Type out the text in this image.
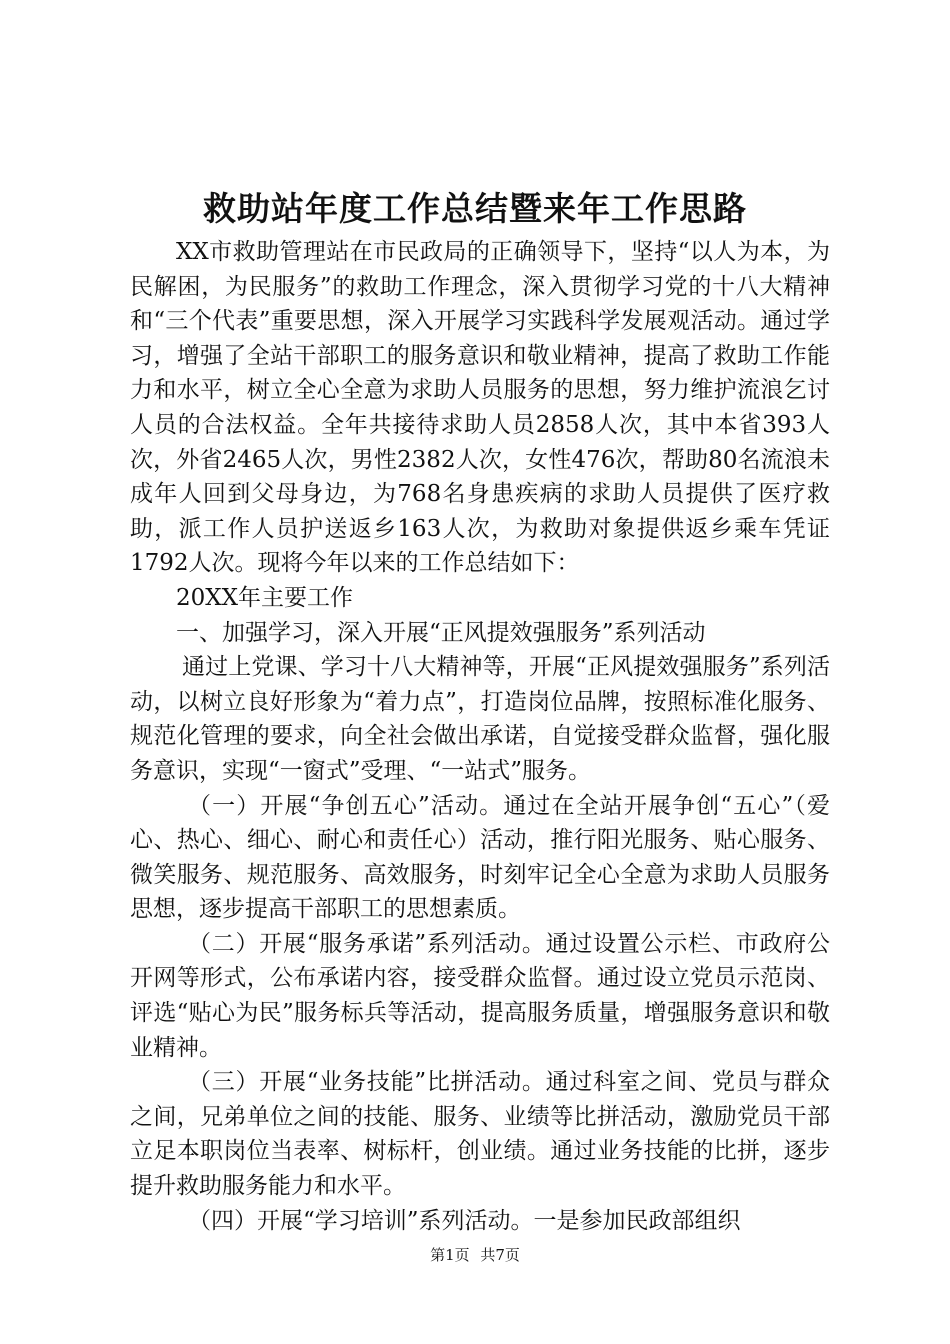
救助站年度工作总结暨来年工作思路

XX市救助管理站在市民政局的正确领导下，坚持“以人为本，为民解困，为民服务”的救助工作理念，深入贯彻学习党的十八大精神和“三个代表”重要思想，深入开展学习实践科学发展观活动。通过学习，增强了全站干部职工的服务意识和敬业精神，提高了救助工作能力和水平，树立全心全意为求助人员服务的思想，努力维护流浪乞讨人员的合法权益。全年共接待求助人员2858人次，其中本省393人次，外省2465人次，男性2382人次，女性476次，帮助80名流浪未成年人回到父母身边，为768名身患疾病的求助人员提供了医疗救助，派工作人员护送返乡163人次，为救助对象提供返乡乘车凭证1792人次。现将今年以来的工作总结如下：

20XX年主要工作

一、加强学习，深入开展“正风提效强服务”系列活动

通过上党课、学习十八大精神等，开展“正风提效强服务”系列活动，以树立良好形象为“着力点”，打造岗位品牌，按照标准化服务、规范化管理的要求，向全社会做出承诺，自觉接受群众监督，强化服务意识，实现“一窗式”受理、“一站式”服务。

（一）开展“争创五心”活动。通过在全站开展争创“五心”（爱心、热心、细心、耐心和责任心）活动，推行阳光服务、贴心服务、微笑服务、规范服务、高效服务，时刻牢记全心全意为求助人员服务思想，逐步提高干部职工的思想素质。

（二）开展“服务承诺”系列活动。通过设置公示栏、市政府公开网等形式，公布承诺内容，接受群众监督。通过设立党员示范岗、评选“贴心为民”服务标兵等活动，提高服务质量，增强服务意识和敬业精神。

（三）开展“业务技能”比拼活动。通过科室之间、党员与群众之间，兄弟单位之间的技能、服务、业绩等比拼活动，激励党员干部立足本职岗位当表率、树标杆，创业绩。通过业务技能的比拼，逐步提升救助服务能力和水平。

（四）开展“学习培训”系列活动。一是参加民政部组织

第1页 共7页
